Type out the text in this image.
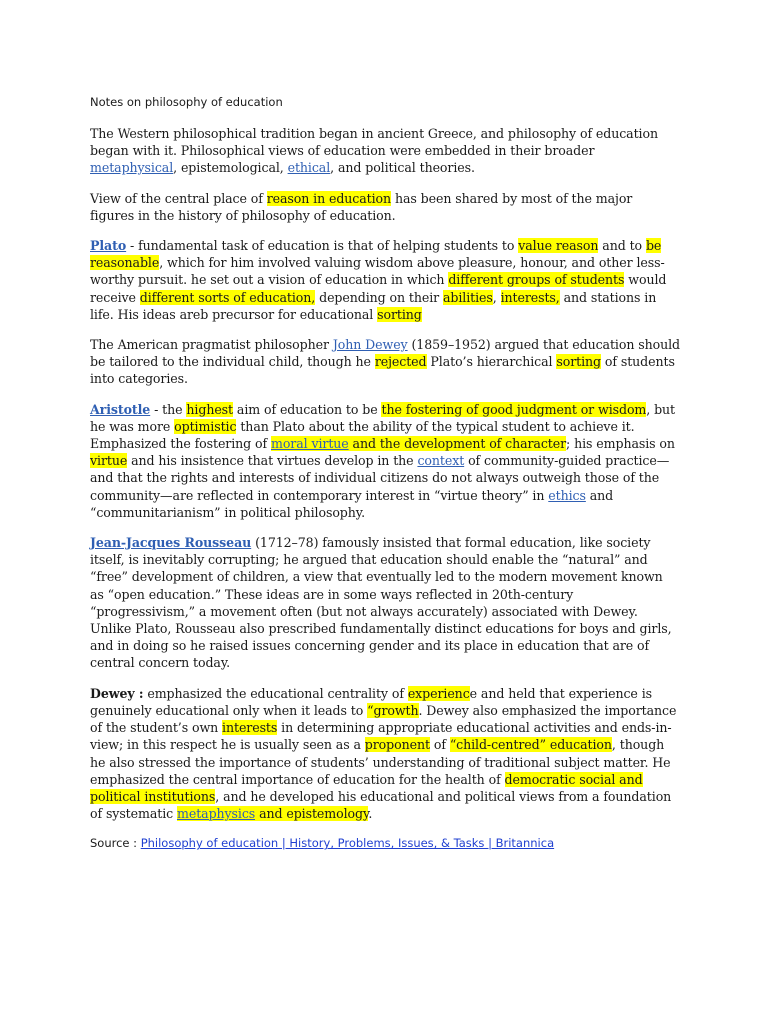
Notes on philosophy of education

The Western philosophical tradition began in ancient Greece, and philosophy of education began with it. Philosophical views of education were embedded in their broader metaphysical, epistemological, ethical, and political theories.

View of the central place of reason in education has been shared by most of the major figures in the history of philosophy of education.

Plato - fundamental task of education is that of helping students to value reason and to be reasonable, which for him involved valuing wisdom above pleasure, honour, and other less-worthy pursuit. he set out a vision of education in which different groups of students would receive different sorts of education, depending on their abilities, interests, and stations in life. His ideas areb precursor for educational sorting

The American pragmatist philosopher John Dewey (1859–1952) argued that education should be tailored to the individual child, though he rejected Plato’s hierarchical sorting of students into categories.

Aristotle - the highest aim of education to be the fostering of good judgment or wisdom, but he was more optimistic than Plato about the ability of the typical student to achieve it. Emphasized the fostering of moral virtue and the development of character; his emphasis on virtue and his insistence that virtues develop in the context of community-guided practice—and that the rights and interests of individual citizens do not always outweigh those of the community—are reflected in contemporary interest in “virtue theory” in ethics and “communitarianism” in political philosophy.

Jean-Jacques Rousseau (1712–78) famously insisted that formal education, like society itself, is inevitably corrupting; he argued that education should enable the “natural” and “free” development of children, a view that eventually led to the modern movement known as “open education.” These ideas are in some ways reflected in 20th-century “progressivism,” a movement often (but not always accurately) associated with Dewey. Unlike Plato, Rousseau also prescribed fundamentally distinct educations for boys and girls, and in doing so he raised issues concerning gender and its place in education that are of central concern today.

Dewey : emphasized the educational centrality of experience and held that experience is genuinely educational only when it leads to “growth. Dewey also emphasized the importance of the student’s own interests in determining appropriate educational activities and ends-in-view; in this respect he is usually seen as a proponent of “child-centred” education, though he also stressed the importance of students’ understanding of traditional subject matter. He emphasized the central importance of education for the health of democratic social and political institutions, and he developed his educational and political views from a foundation of systematic metaphysics and epistemology.

Source : Philosophy of education | History, Problems, Issues, & Tasks | Britannica
